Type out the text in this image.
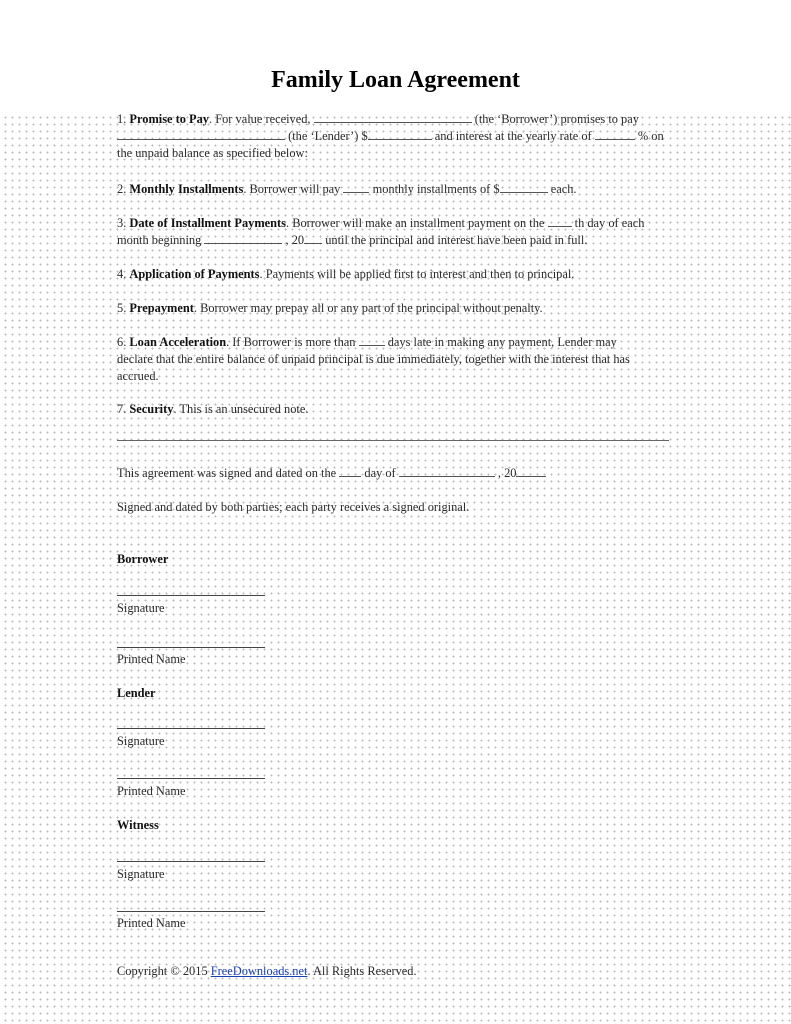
Family Loan Agreement
1. Promise to Pay. For value received,	(the ‘Borrower’) promises to pay
(the ‘Lender’) $	and interest at the yearly rate of	% on
the unpaid balance as specified below:
2. Monthly Installments. Borrower will pay  monthly installments of $	each.
3. Date of Installment Payments. Borrower will make an installment payment on the  th day of each
month beginning	, 20 until the principal and interest have been paid in full.
4. Application of Payments. Payments will be applied first to interest and then to principal.
5. Prepayment. Borrower may prepay all or any part of the principal without penalty.
6. Loan Acceleration. If Borrower is more than  days late in making any payment, Lender may
declare that the entire balance of unpaid principal is due immediately, together with the interest that has
accrued.
7. Security. This is an unsecured note.
This agreement was signed and dated on the  day of	, 20
Signed and dated by both parties; each party receives a signed original.
Borrower
Signature
Printed Name
Lender
Signature
Printed Name
Witness
Signature
Printed Name
Copyright © 2015 FreeDownloads.net. All Rights Reserved.
